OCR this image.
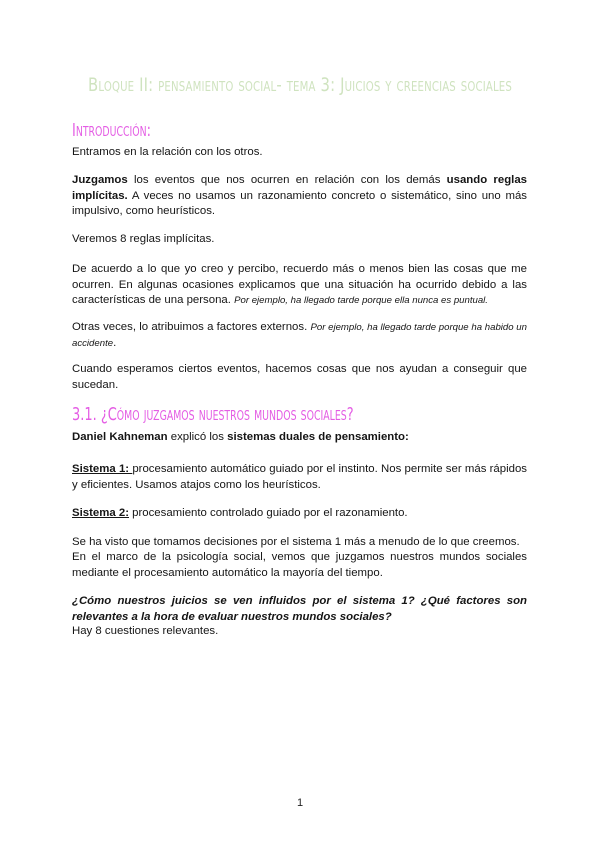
Bloque II: pensamiento social- tema 3: Juicios y creencias sociales
Introducción:
Entramos en la relación con los otros.
Juzgamos los eventos que nos ocurren en relación con los demás usando reglas implícitas. A veces no usamos un razonamiento concreto o sistemático, sino uno más impulsivo, como heurísticos.
Veremos 8 reglas implícitas.
De acuerdo a lo que yo creo y percibo, recuerdo más o menos bien las cosas que me ocurren. En algunas ocasiones explicamos que una situación ha ocurrido debido a las características de una persona. Por ejemplo, ha llegado tarde porque ella nunca es puntual.
Otras veces, lo atribuimos a factores externos. Por ejemplo, ha llegado tarde porque ha habido un accidente.
Cuando esperamos ciertos eventos, hacemos cosas que nos ayudan a conseguir que sucedan.
3.1. ¿Cómo juzgamos nuestros mundos sociales?
Daniel Kahneman explicó los sistemas duales de pensamiento:
Sistema 1: procesamiento automático guiado por el instinto. Nos permite ser más rápidos y eficientes. Usamos atajos como los heurísticos.
Sistema 2: procesamiento controlado guiado por el razonamiento.
Se ha visto que tomamos decisiones por el sistema 1 más a menudo de lo que creemos.
En el marco de la psicología social, vemos que juzgamos nuestros mundos sociales mediante el procesamiento automático la mayoría del tiempo.
¿Cómo nuestros juicios se ven influidos por el sistema 1? ¿Qué factores son relevantes a la hora de evaluar nuestros mundos sociales?
Hay 8 cuestiones relevantes.
1
